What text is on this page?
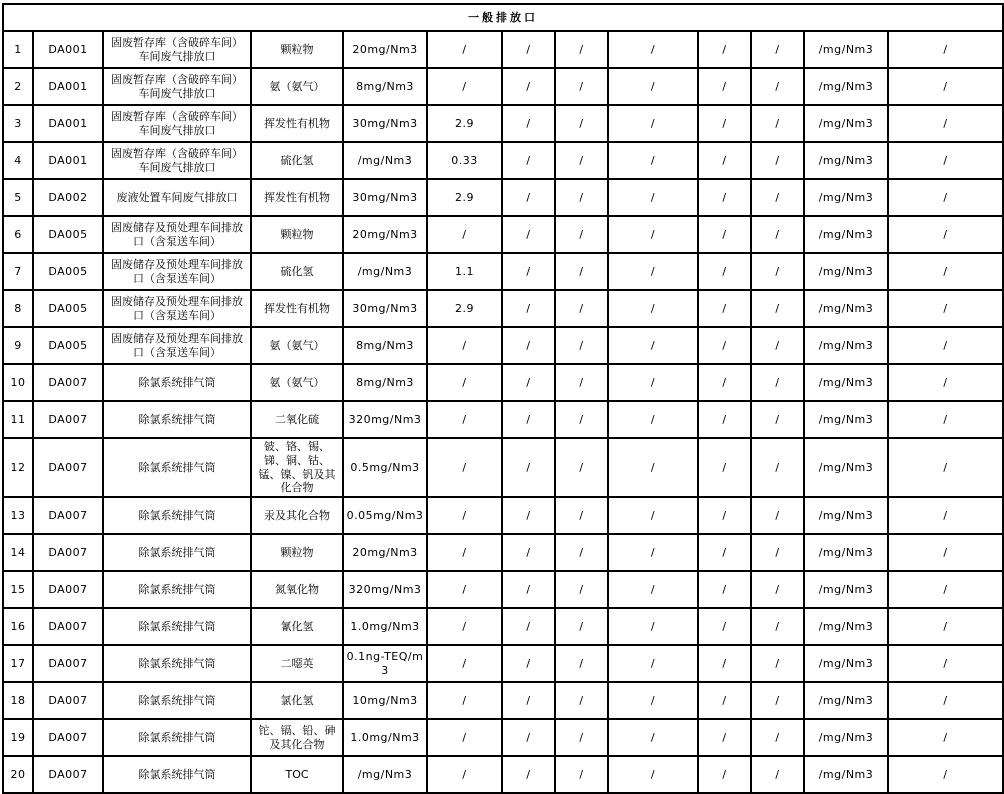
一般排放口												
1	DA001	固废暂存库（含破碎车间）车间废气排放口	颗粒物	20mg/Nm3	/	/	/	/	/	/	/mg/Nm3	/
2	DA001	固废暂存库（含破碎车间）车间废气排放口	氨（氨气）	8mg/Nm3	/	/	/	/	/	/	/mg/Nm3	/
3	DA001	固废暂存库（含破碎车间）车间废气排放口	挥发性有机物	30mg/Nm3	2.9	/	/	/	/	/	/mg/Nm3	/
4	DA001	固废暂存库（含破碎车间）车间废气排放口	硫化氢	/mg/Nm3	0.33	/	/	/	/	/	/mg/Nm3	/
5	DA002	废液处置车间废气排放口	挥发性有机物	30mg/Nm3	2.9	/	/	/	/	/	/mg/Nm3	/
6	DA005	固废储存及预处理车间排放口（含泵送车间）	颗粒物	20mg/Nm3	/	/	/	/	/	/	/mg/Nm3	/
7	DA005	固废储存及预处理车间排放口（含泵送车间）	硫化氢	/mg/Nm3	1.1	/	/	/	/	/	/mg/Nm3	/
8	DA005	固废储存及预处理车间排放口（含泵送车间）	挥发性有机物	30mg/Nm3	2.9	/	/	/	/	/	/mg/Nm3	/
9	DA005	固废储存及预处理车间排放口（含泵送车间）	氨（氨气）	8mg/Nm3	/	/	/	/	/	/	/mg/Nm3	/
10	DA007	除氯系统排气筒	氨（氨气）	8mg/Nm3	/	/	/	/	/	/	/mg/Nm3	/
11	DA007	除氯系统排气筒	二氧化硫	320mg/Nm3	/	/	/	/	/	/	/mg/Nm3	/
12	DA007	除氯系统排气筒	铍、铬、锡、锑、铜、钴、锰、镍、钒及其化合物	0.5mg/Nm3	/	/	/	/	/	/	/mg/Nm3	/
13	DA007	除氯系统排气筒	汞及其化合物	0.05mg/Nm3	/	/	/	/	/	/	/mg/Nm3	/
14	DA007	除氯系统排气筒	颗粒物	20mg/Nm3	/	/	/	/	/	/	/mg/Nm3	/
15	DA007	除氯系统排气筒	氮氧化物	320mg/Nm3	/	/	/	/	/	/	/mg/Nm3	/
16	DA007	除氯系统排气筒	氰化氢	1.0mg/Nm3	/	/	/	/	/	/	/mg/Nm3	/
17	DA007	除氯系统排气筒	二噁英	0.1ng-TEQ/m3	/	/	/	/	/	/	/mg/Nm3	/
18	DA007	除氯系统排气筒	氯化氢	10mg/Nm3	/	/	/	/	/	/	/mg/Nm3	/
19	DA007	除氯系统排气筒	铊、镉、铅、砷及其化合物	1.0mg/Nm3	/	/	/	/	/	/	/mg/Nm3	/
20	DA007	除氯系统排气筒	TOC	/mg/Nm3	/	/	/	/	/	/	/mg/Nm3	/
